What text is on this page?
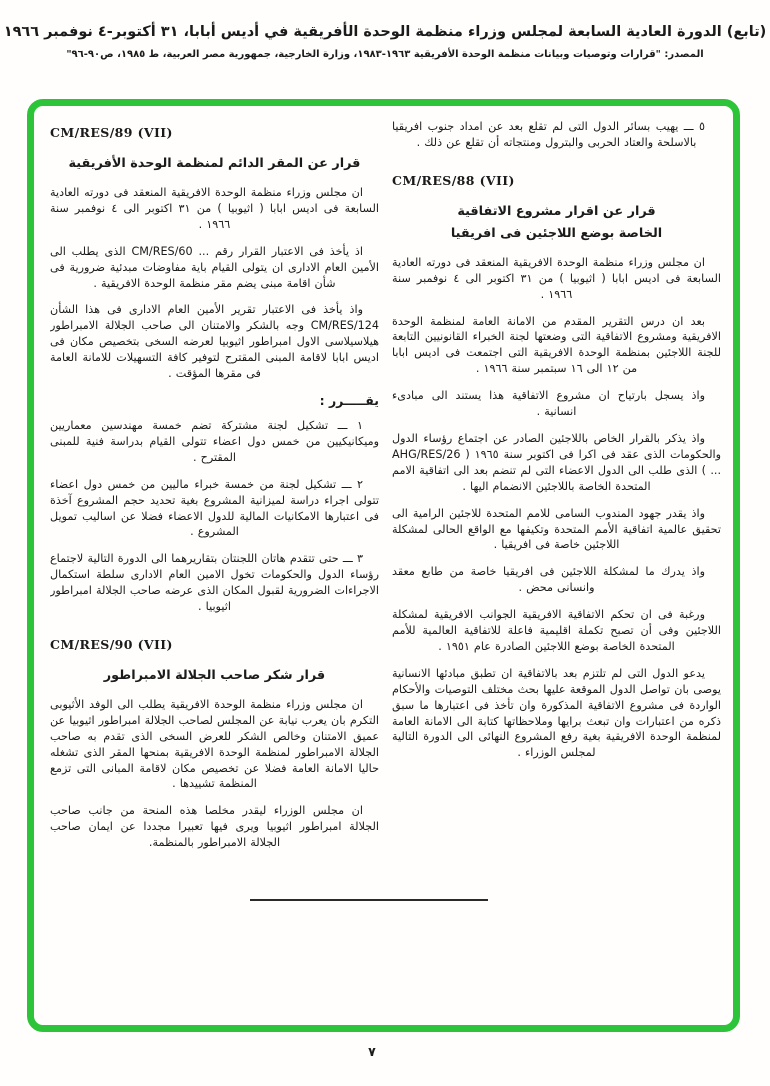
(تابع) الدورة العادية السابعة لمجلس وزراء منظمة الوحدة الأفريقية في أديس أبابا، ٣١ أكتوبر-٤ نوفمبر ١٩٦٦
المصدر: "قرارات وتوصيات وبيانات منظمة الوحدة الأفريقية ١٩٦٣-١٩٨٣، وزارة الخارجية، جمهورية مصر العربية، ط ١٩٨٥، ص٩٠-٩٦"

٥ ـــ يهيب بسائر الدول التى لم تقلع بعد عن امداد جنوب افريقيا بالاسلحة والعتاد الحربى والبترول ومنتجاته أن تقلع عن ذلك .

CM/RES/88 (VII)
قرار عن اقرار مشروع الاتفاقية
الخاصة بوضع اللاجئين فى افريقيا

ان مجلس وزراء منظمة الوحدة الافريقية المنعقد فى دورته العادية السابعة فى اديس ابابا ( اثيوبيا ) من ٣١ اكتوبر الى ٤ نوفمبر سنة ١٩٦٦ .

بعد ان درس التقرير المقدم من الامانة العامة لمنظمة الوحدة الافريقية ومشروع الاتفاقية التى وضعتها لجنة الخبراء القانونيين التابعة للجنة اللاجئين بمنظمة الوحدة الافريقية التى اجتمعت فى اديس ابابا من ١٢ الى ١٦ سبتمبر سنة ١٩٦٦ .

واذ يسجل بارتياح ان مشروع الاتفاقية هذا يستند الى مبادىء انسانية .

واذ يذكر بالقرار الخاص باللاجئين الصادر عن اجتماع رؤساء الدول والحكومات الذى عقد فى اكرا فى اكتوبر سنة ١٩٦٥ ( AHG/RES/26 ... ) الذى طلب الى الدول الاعضاء التى لم تنضم بعد الى اتفاقية الامم المتحدة الخاصة باللاجئين الانضمام اليها .

واذ يقدر جهود المندوب السامى للامم المتحدة للاجئين الرامية الى تحقيق عالمية اتفاقية الأمم المتحدة وتكيفها مع الواقع الحالى لمشكلة اللاجئين خاصة فى افريقيا .

واذ يدرك ما لمشكلة اللاجئين فى افريقيا خاصة من طابع معقد وانسانى محض .

ورغبة فى ان تحكم الاتفاقية الافريقية الجوانب الافريقية لمشكلة اللاجئين وفى أن تصبح تكملة اقليمية فاعلة للاتفاقية العالمية للأمم المتحدة الخاصة بوضع اللاجئين الصادرة عام ١٩٥١ .

يدعو الدول التى لم تلتزم بعد بالاتفاقية ان تطبق مبادئها الانسانية يوصى بان تواصل الدول الموقعة عليها بحث مختلف التوصيات والأحكام الواردة فى مشروع الاتفاقية المذكورة وان تأخذ فى اعتبارها ما سبق ذكره من اعتبارات وان تبعث برايها وملاحظاتها كتابة الى الامانة العامة لمنظمة الوحدة الافريقية بغية رفع المشروع النهائى الى الدورة التالية لمجلس الوزراء .

CM/RES/89 (VII)
قرار عن المقر الدائم لمنظمة الوحدة الأفريقية

ان مجلس وزراء منظمة الوحدة الافريقية المنعقد فى دورته العادية السابعة فى اديس ابابا ( اثيوبيا ) من ٣١ اكتوبر الى ٤ نوفمبر سنة ١٩٦٦ .

اذ يأخذ فى الاعتبار القرار رقم ... CM/RES/60 الذى يطلب الى الأمين العام الادارى ان يتولى القيام باية مفاوضات مبدئية ضرورية فى شأن اقامة مبنى يضم مقر منظمة الوحدة الافريقية .

واذ يأخذ فى الاعتبار تقرير الأمين العام الادارى فى هذا الشأن CM/RES/124 وجه بالشكر والامتنان الى صاحب الجلالة الامبراطور هيلاسيلاسى الاول امبراطور اثيوبيا لعرضه السخى بتخصيص مكان فى اديس ابابا لاقامة المبنى المقترح لتوفير كافة التسهيلات للامانة العامة فى مقرها المؤقت .

يقـــــرر :

١ ـــ تشكيل لجنة مشتركة تضم خمسة مهندسين معماريين وميكانيكيين من خمس دول اعضاء تتولى القيام بدراسة فنية للمبنى المقترح .

٢ ـــ تشكيل لجنة من خمسة خبراء ماليين من خمس دول اعضاء تتولى اجراء دراسة لميزانية المشروع بغية تحديد حجم المشروع آخذة فى اعتبارها الامكانيات المالية للدول الاعضاء فضلا عن اساليب تمويل المشروع .

٣ ـــ حتى تتقدم هاتان اللجنتان بتقاريرهما الى الدورة التالية لاجتماع رؤساء الدول والحكومات تخول الامين العام الادارى سلطة استكمال الاجراءات الضرورية لقبول المكان الذى عرضه صاحب الجلالة امبراطور اثيوبيا .

CM/RES/90 (VII)
قرار شكر صاحب الجلالة الامبراطور

ان مجلس وزراء منظمة الوحدة الافريقية يطلب الى الوفد الأثيوبى التكرم بان يعرب نيابة عن المجلس لصاحب الجلالة امبراطور اثيوبيا عن عميق الامتنان وخالص الشكر للعرض السخى الذى تقدم به صاحب الجلالة الامبراطور لمنظمة الوحدة الافريقية بمنحها المقر الذى تشغله حاليا الامانة العامة فضلا عن تخصيص مكان لاقامة المبانى التى تزمع المنظمة تشييدها .

ان مجلس الوزراء ليقدر مخلصا هذه المنحة من جانب صاحب الجلالة امبراطور اثيوبيا ويرى فيها تعبيرا مجددا عن ايمان صاحب الجلالة الامبراطور بالمنظمة.

٧
